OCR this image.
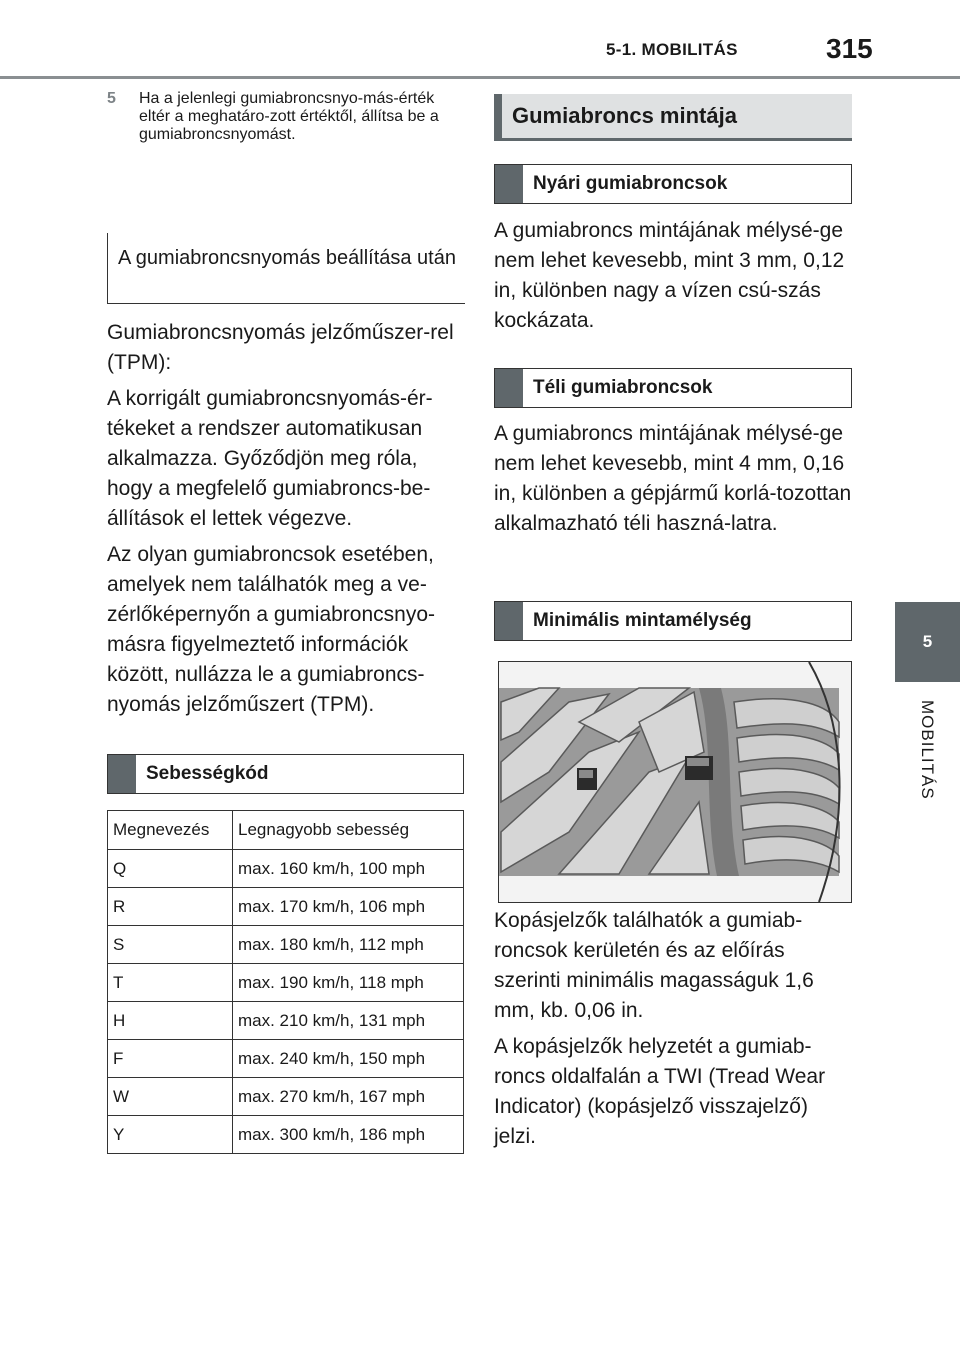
5-1. MOBILITÁS	315
5
MOBILITÁS
5 Ha a jelenlegi gumiabroncsnyo-más-érték eltér a meghatáro-zott értéktől, állítsa be a gumiabroncsnyomást.
A gumiabroncsnyomás beállítása után

Gumiabroncsnyomás jelzőműszer-rel (TPM):

A korrigált gumiabroncsnyomás-ér-tékeket a rendszer automatikusan alkalmazza. Győződjön meg róla, hogy a megfelelő gumiabroncs-be-állítások el lettek végezve.

Az olyan gumiabroncsok esetében, amelyek nem találhatók meg a ve-zérlőképernyőn a gumiabroncsnyo-másra figyelmeztető információk között, nullázza le a gumiabroncs-nyomás jelzőműszert (TPM).

Sebességkód
Megnevezés	Legnagyobb sebesség
Q	max. 160 km/h, 100 mph
R	max. 170 km/h, 106 mph
S	max. 180 km/h, 112 mph
T	max. 190 km/h, 118 mph
H	max. 210 km/h, 131 mph
F	max. 240 km/h, 150 mph
W	max. 270 km/h, 167 mph
Y	max. 300 km/h, 186 mph
Gumiabroncs mintája
Nyári gumiabroncsok

A gumiabroncs mintájának mélysé-ge nem lehet kevesebb, mint 3 mm, 0,12 in, különben nagy a vízen csú-szás kockázata.

Téli gumiabroncsok

A gumiabroncs mintájának mélysé-ge nem lehet kevesebb, mint 4 mm, 0,16 in, különben a gépjármű korlá-tozottan alkalmazható téli haszná-latra.

Minimális mintamélység

Kopásjelzők találhatók a gumiab-roncsok kerületén és az előírás szerinti minimális magasságuk 1,6 mm, kb. 0,06 in.

A kopásjelzők helyzetét a gumiab-roncs oldalfalán a TWI (Tread Wear Indicator) (kopásjelző visszajelző) jelzi.
